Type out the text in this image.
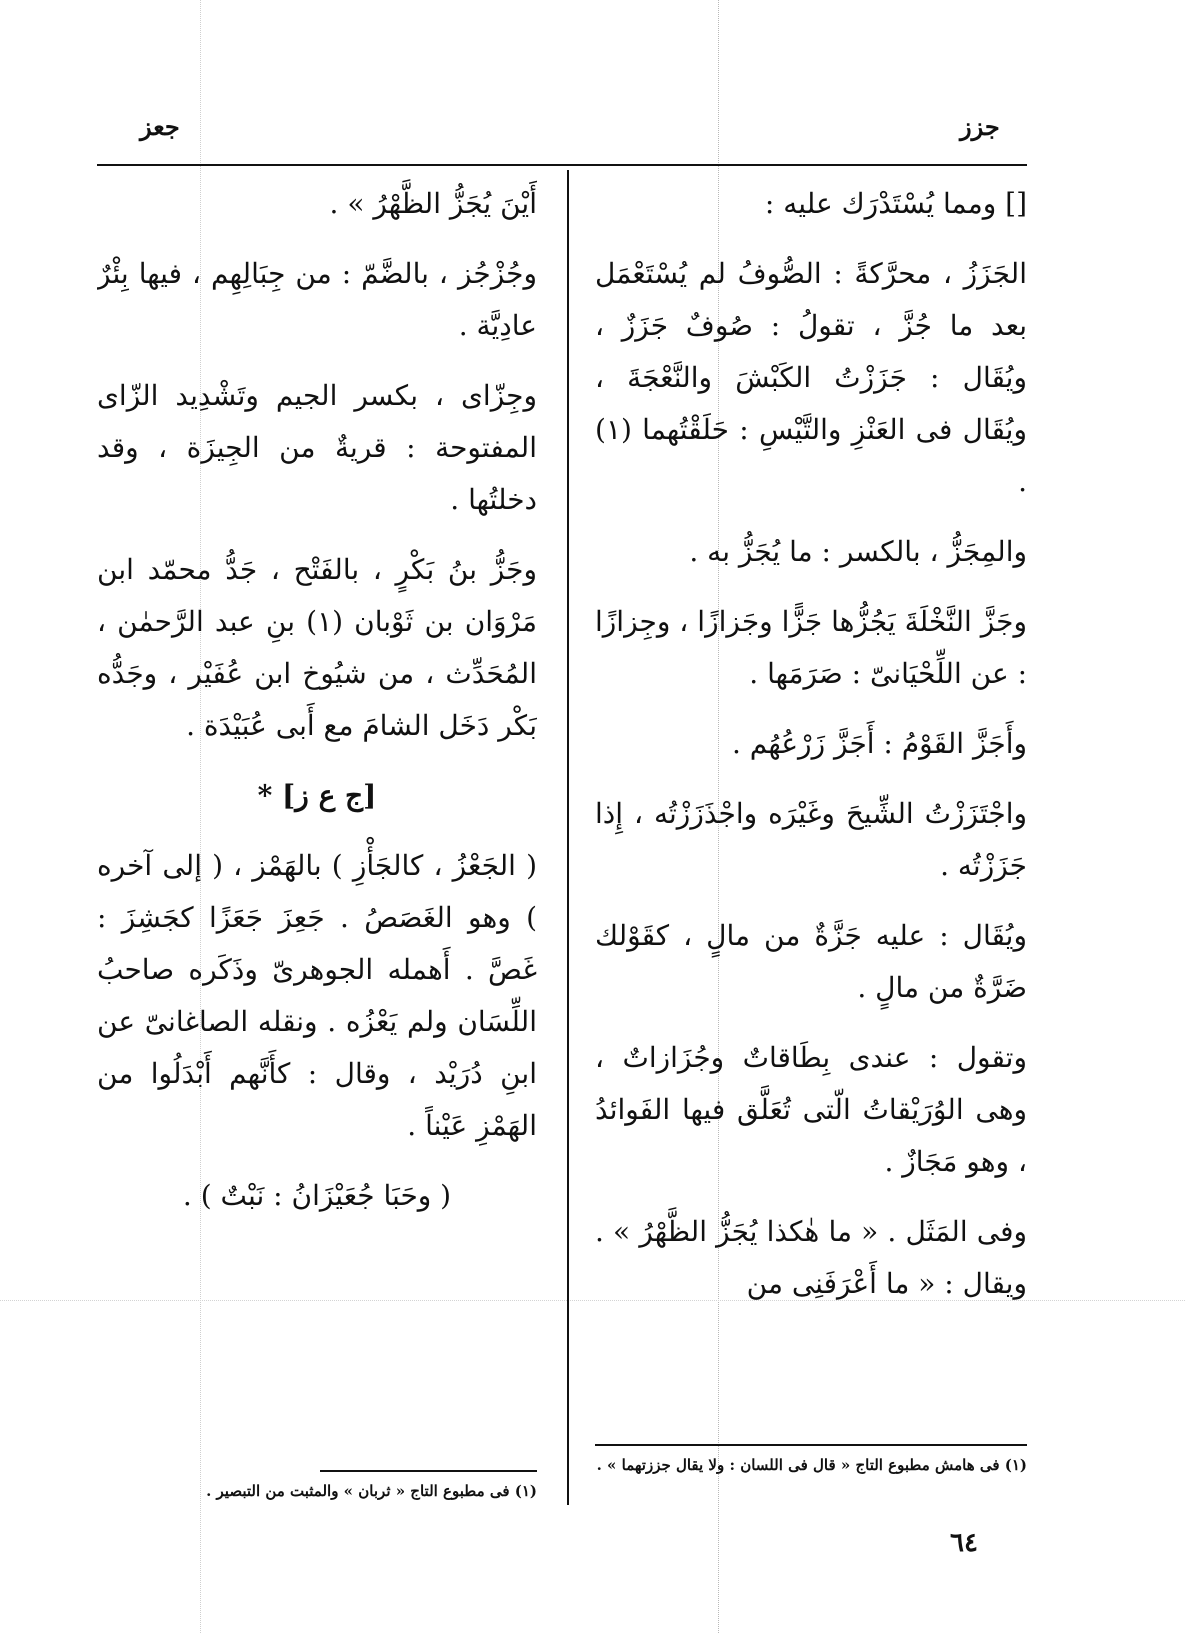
جزز
جعز

[] ومما يُسْتَدْرَك عليه :

الجَزَزُ ، محرَّكةً : الصُّوفُ لم يُسْتَعْمَل بعد ما جُزَّ ، تقولُ : صُوفٌ جَزَزٌ ، ويُقَال : جَزَزْتُ الكَبْشَ والنَّعْجَةَ ، ويُقَال فى العَنْزِ والتَّيْسِ : حَلَقْتُهما (١) .

والمِجَزُّ ، بالكسر : ما يُجَزُّ به .

وجَزَّ النَّخْلَةَ يَجُزُّها جَزًّا وجَزازًا ، وجِزازًا : عن اللِّحْيَانىّ : صَرَمَها .

وأَجَزَّ القَوْمُ : أَجَزَّ زَرْعُهُم .

واجْتَزَزْتُ الشِّيحَ وغَيْرَه واجْذَزَزْتُه ، إِذا جَزَزْتُه .

ويُقَال : عليه جَزَّةٌ من مالٍ ، كقَوْلك ضَرَّةٌ من مالٍ .

وتقول : عندى بِطَاقاتٌ وجُزَازاتٌ ، وهى الوُرَيْقاتُ الّتى تُعَلَّق فيها الفَوائدُ ، وهو مَجَازٌ .

وفى المَثَل . « ما هٰكذا يُجَزُّ الظَّهْرُ » . ويقال : « ما أَعْرَفَنِى من

أَيْنَ يُجَزُّ الظَّهْرُ » .

وجُزْجُز ، بالضَّمّ : من جِبَالِهِم ، فيها بِئْرٌ عادِيَّة .

وجِزّاى ، بكسر الجيم وتَشْدِيد الزّاى المفتوحة : قريةٌ من الجِيزَة ، وقد دخلتُها .

وجَزُّ بنُ بَكْرٍ ، بالفَتْح ، جَدُّ محمّد ابن مَرْوَان بن ثَوْبان (١) بنِ عبد الرَّحمٰن ، المُحَدِّث ، من شيُوخ ابن عُفَيْر ، وجَدُّه بَكْر دَخَل الشامَ مع أَبى عُبَيْدَة .

[ج ع ز] *

( الجَعْزُ ، كالجَأْزِ ) بالهَمْز ، ( إلى آخره ) وهو الغَصَصُ . جَعِزَ جَعَزًا كجَشِزَ : غَصَّ . أَهمله الجوهرىّ وذَكَره صاحبُ اللِّسَان ولم يَعْزُه . ونقله الصاغانىّ عن ابنِ دُرَيْد ، وقال : كأَنَّهم أَبْدَلُوا من الهَمْزِ عَيْناً .

( وحَبَا جُعَيْزَانُ : نَبْتٌ ) .

(١) فى هامش مطبوع التاج « قال فى اللسان : ولا يقال جززتهما » .
(١) فى مطبوع التاج « ثربان » والمثبت من التبصير .
٦٤
